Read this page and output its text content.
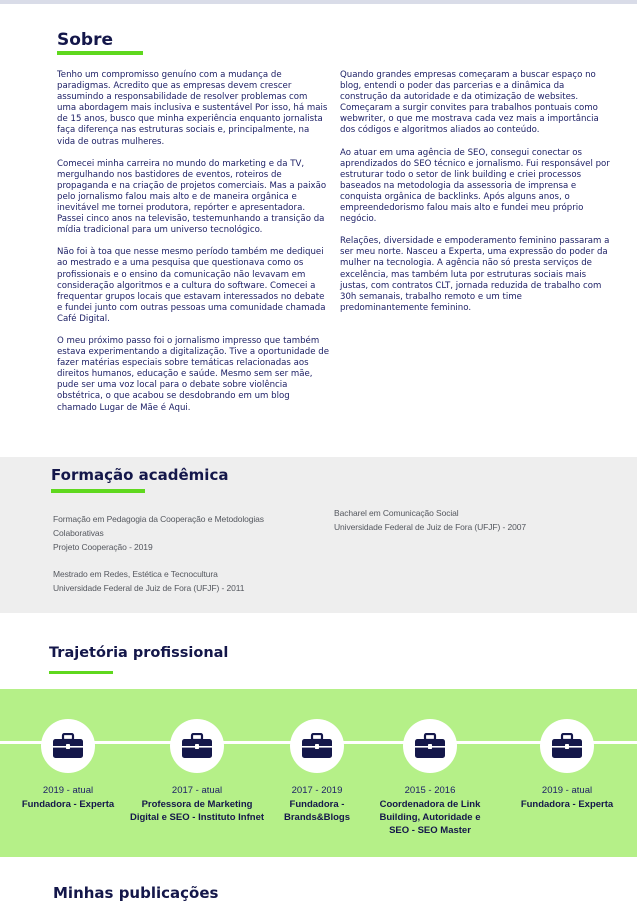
Sobre

Tenho um compromisso genuíno com a mudança de paradigmas. Acredito que as empresas devem crescer assumindo a responsabilidade de resolver problemas com uma abordagem mais inclusiva e sustentável Por isso, há mais de 15 anos, busco que minha experiência enquanto jornalista faça diferença nas estruturas sociais e, principalmente, na vida de outras mulheres.

Comecei minha carreira no mundo do marketing e da TV, mergulhando nos bastidores de eventos, roteiros de propaganda e na criação de projetos comerciais. Mas a paixão pelo jornalismo falou mais alto e de maneira orgânica e inevitável me tornei produtora, repórter e apresentadora. Passei cinco anos na televisão, testemunhando a transição da mídia tradicional para um universo tecnológico.

Não foi à toa que nesse mesmo período também me dediquei ao mestrado e a uma pesquisa que questionava como os profissionais e o ensino da comunicação não levavam em consideração algoritmos e a cultura do software. Comecei a frequentar grupos locais que estavam interessados no debate e fundei junto com outras pessoas uma comunidade chamada Café Digital.

O meu próximo passo foi o jornalismo impresso que também estava experimentando a digitalização. Tive a oportunidade de fazer matérias especiais sobre temáticas relacionadas aos direitos humanos, educação e saúde. Mesmo sem ser mãe, pude ser uma voz local para o debate sobre violência obstétrica, o que acabou se desdobrando em um blog chamado Lugar de Mãe é Aqui.

Quando grandes empresas começaram a buscar espaço no blog, entendi o poder das parcerias e a dinâmica da construção da autoridade e da otimização de websites. Começaram a surgir convites para trabalhos pontuais como webwriter, o que me mostrava cada vez mais a importância dos códigos e algoritmos aliados ao conteúdo.

Ao atuar em uma agência de SEO, consegui conectar os aprendizados do SEO técnico e jornalismo. Fui responsável por estruturar todo o setor de link building e criei processos baseados na metodologia da assessoria de imprensa e conquista orgânica de backlinks. Após alguns anos, o empreendedorismo falou mais alto e fundei meu próprio negócio.

Relações, diversidade e empoderamento feminino passaram a ser meu norte. Nasceu a Experta, uma expressão do poder da mulher na tecnologia. A agência não só presta serviços de excelência, mas também luta por estruturas sociais mais justas, com contratos CLT, jornada reduzida de trabalho com 30h semanais, trabalho remoto e um time predominantemente feminino.

Formação acadêmica
Formação em Pedagogia da Cooperação e Metodologias
Colaborativas
Projeto Cooperação - 2019
Mestrado em Redes, Estética e Tecnocultura
Universidade Federal de Juiz de Fora (UFJF) - 2011
Bacharel em Comunicação Social
Universidade Federal de Juiz de Fora (UFJF) - 2007
Trajetória profissional
2019 - atual
Fundadora - Experta
2017 - atual
Professora de Marketing
Digital e SEO - Instituto Infnet
2017 - 2019
Fundadora -
Brands&Blogs
2015 - 2016
Coordenadora de Link
Building, Autoridade e
SEO - SEO Master
2019 - atual
Fundadora - Experta
Minhas publicações
